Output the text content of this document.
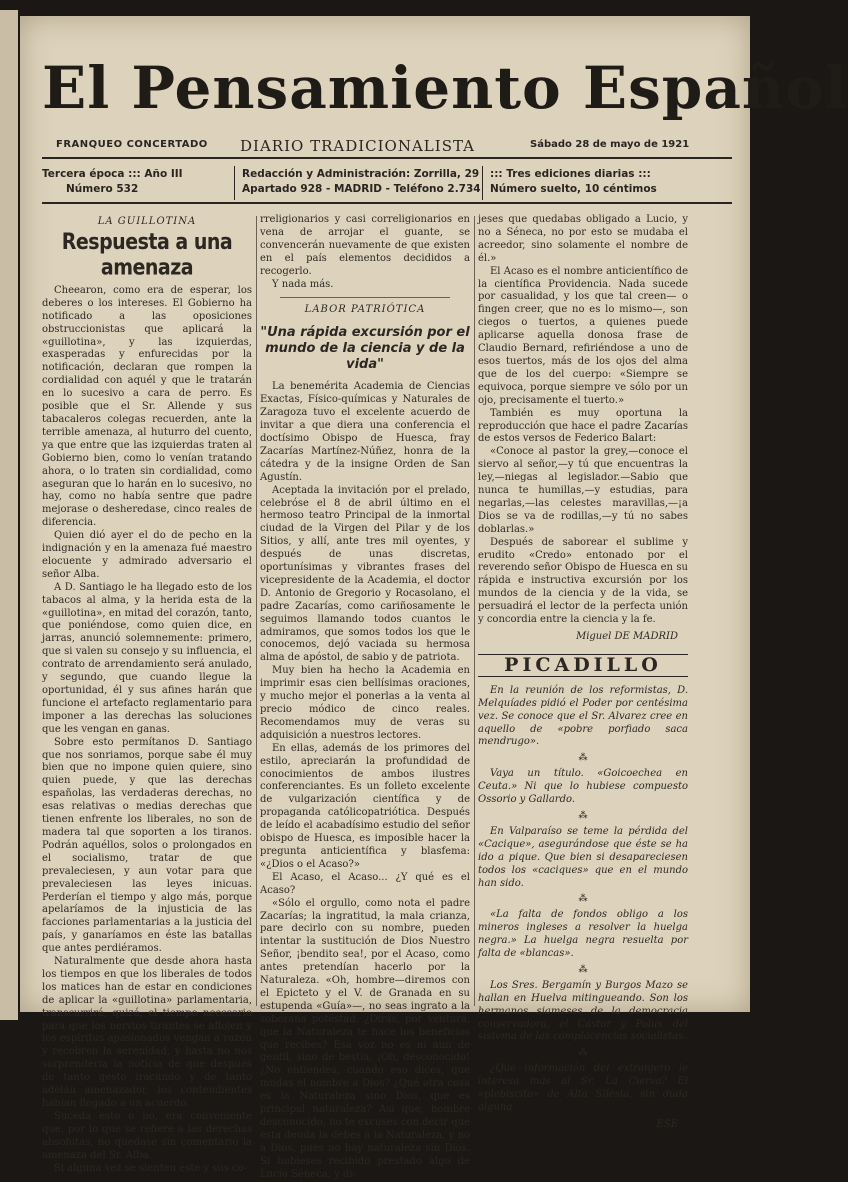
El Pensamiento Español
FRANQUEO CONCERTADO DIARIO TRADICIONALISTA	Sábado 28 de mayo de 1921
Tercera época ::: Año III
Número 532
Redacción y Administración: Zorrilla, 29
Apartado 928 - MADRID - Teléfono 2.734
::: Tres ediciones diarias :::
Número suelto, 10 céntimos
LA GUILLOTINA
Respuesta a una amenaza

Cheearon, como era de esperar, los deberes o los intereses. El Gobierno ha notificado a las oposiciones obstruccionistas que aplicará la «guillotina», y las izquierdas, exasperadas y enfurecidas por la notificación, declaran que rompen la cordialidad con aquél y que le tratarán en lo sucesivo a cara de perro. Es posible que el Sr. Allende y sus tabacaleros colegas recuerden, ante la terrible amenaza, al huturro del cuento, ya que entre que las izquierdas traten al Gobierno bien, como lo venían tratando ahora, o lo traten sin cordialidad, como aseguran que lo harán en lo sucesivo, no hay, como no había sentre que padre mejorase o desheredase, cinco reales de diferencia.

Quien dió ayer el do de pecho en la indignación y en la amenaza fué maestro elocuente y admirado adversario el señor Alba.

A D. Santiago le ha llegado esto de los tabacos al alma, y la herida esta de la «guillotina», en mitad del corazón, tanto, que poniéndose, como quien dice, en jarras, anunció solemnemente: primero, que si valen su consejo y su influencia, el contrato de arrendamiento será anulado, y segundo, que cuando llegue la oportunidad, él y sus afines harán que funcione el artefacto reglamentario para imponer a las derechas las soluciones que les vengan en ganas.

Sobre esto permítanos D. Santiago que nos sonriamos, porque sabe él muy bien que no impone quien quiere, sino quien puede, y que las derechas españolas, las verdaderas derechas, no esas relativas o medias derechas que tienen enfrente los liberales, no son de madera tal que soporten a los tiranos. Podrán aquéllos, solos o prolongados en el socialismo, tratar de que prevaleciesen, y aun votar para que prevaleciesen las leyes inicuas. Perderían el tiempo y algo más, porque apelaríamos de la injusticia de las facciones parlamentarias a la justicia del país, y ganaríamos en éste las batallas que antes perdiéramos.

Naturalmente que desde ahora hasta los tiempos en que los liberales de todos los matices han de estar en condiciones de aplicar la «guillotina» parlamentaria, transcurrirá, quizá, el tiempo necesario para que los nervios tirantes se aflojen y los espíritus apasionados vengan a razón y recobren la serenidad, y hasta no nos sorprendería la noticia de que después de tanto gesto iracundo y de tanto adelán amenazador, los contendientes habían llegado a un acuerdo.

Suceda esto o no, era conveniente que, por lo que se refiere a las derechas absolutas, no quedase sin comentario la amenaza del Sr. Alba.

Si alguna vez se sienten éste y sus co-

rreligionarios y casi correligionarios en vena de arrojar el guante, se convencerán nuevamente de que existen en el país elementos decididos a recogerlo.

Y nada más.

LABOR PATRIÓTICA
"Una rápida excursión por el mundo de la ciencia y de la vida"

La benemérita Academia de Ciencias Exactas, Físico-químicas y Naturales de Zaragoza tuvo el excelente acuerdo de invitar a que diera una conferencia el doctísimo Obispo de Huesca, fray Zacarías Martínez-Núñez, honra de la cátedra y de la insigne Orden de San Agustín.

Aceptada la invitación por el prelado, celebróse el 8 de abril último en el hermoso teatro Principal de la inmortal ciudad de la Virgen del Pilar y de los Sitios, y allí, ante tres mil oyentes, y después de unas discretas, oportunísimas y vibrantes frases del vicepresidente de la Academia, el doctor D. Antonio de Gregorio y Rocasolano, el padre Zacarías, como cariñosamente le seguimos llamando todos cuantos le admiramos, que somos todos los que le conocemos, dejó vaciada su hermosa alma de apóstol, de sabio y de patriota.

Muy bien ha hecho la Academia en imprimir esas cien bellísimas oraciones, y mucho mejor el ponerlas a la venta al precio módico de cinco reales. Recomendamos muy de veras su adquisición a nuestros lectores.

En ellas, además de los primores del estilo, apreciarán la profundidad de conocimientos de ambos ilustres conferenciantes. Es un folleto excelente de vulgarización científica y de propaganda católicopatriótica. Después de leído el acabadísimo estudio del señor obispo de Huesca, es imposible hacer la pregunta anticientífica y blasfema: «¿Dios o el Acaso?»

El Acaso, el Acaso... ¿Y qué es el Acaso?

«Sólo el orgullo, como nota el padre Zacarías; la ingratitud, la mala crianza, pare decirlo con su nombre, pueden intentar la sustitución de Dios Nuestro Señor, ¡bendito sea!, por el Acaso, como antes pretendían hacerlo por la Naturaleza. «Oh, hombre—diremos con el Epicteto y el V. de Granada en su estupenda «Guía»—, no seas ingrato a la soberana potestad. ¿Dirás, por ventura, que la Naturaleza te hace los beneficios que recibes? Esa voz no es ni aun de gentil, sino de bestia. ¡Oh, desconocido! ¿No entiendes, cuando eso dices, que mudas el nombre a Dios? ¿Qué otra cosa es la Naturaleza sino Dios, que es principal naturaleza? Así que, hombre desconocido, no te excuses con decir que esta deuda la debes a la Naturaleza, y no a Dios, pues no hay naturaleza sin Dios. Si hubieses recibido prestado algo de Lucio Séneca, y di-

jeses que quedabas obligado a Lucio, y no a Séneca, no por esto se mudaba el acreedor, sino solamente el nombre de él.»

El Acaso es el nombre anticientífico de la científica Providencia. Nada sucede por casualidad, y los que tal creen— o fingen creer, que no es lo mismo—, son ciegos o tuertos, a quienes puede aplicarse aquella donosa frase de Claudio Bernard, refiriéndose a uno de esos tuertos, más de los ojos del alma que de los del cuerpo: «Siempre se equivoca, porque siempre ve sólo por un ojo, precisamente el tuerto.»

También es muy oportuna la reproducción que hace el padre Zacarías de estos versos de Federico Balart:

«Conoce al pastor la grey,—conoce el siervo al señor,—y tú que encuentras la ley,—niegas al legislador.—Sabio que nunca te humillas,—y estudias, para negarlas,—las celestes maravillas,—¡a Dios se va de rodillas,—y tú no sabes doblarlas.»

Después de saborear el sublime y erudito «Credo» entonado por el reverendo señor Obispo de Huesca en su rápida e instructiva excursión por los mundos de la ciencia y de la vida, se persuadirá el lector de la perfecta unión y concordia entre la ciencia y la fe.

Miguel DE MADRID
PICADILLO

En la reunión de los reformistas, D. Melquíades pidió el Poder por centésima vez. Se conoce que el Sr. Alvarez cree en aquello de «pobre porfiado saca mendrugo».

⁂

Vaya un título. «Goicoechea en Ceuta.» Ni que lo hubiese compuesto Ossorio y Gallardo.

⁂

En Valparaíso se teme la pérdida del «Cacique», asegurándose que éste se ha ido a pique. Que bien si desapareciesen todos los «caciques» que en el mundo han sido.

⁂

«La falta de fondos obligo a los mineros ingleses a resolver la huelga negra.» La huelga negra resuelta por falta de «blancas».

⁂

Los Sres. Bergamín y Burgos Mazo se hallan en Huelva mitingueando. Son los hermanos siameses de la democracia conservadora, el Cástor y Polux del sistema de las complacencias socialistas.

⁂

¿Qué información del extranjero le interesa más al Sr. La Cierva? El «plebiscito» de Alta Silesia, sin duda alguna.

ESE
